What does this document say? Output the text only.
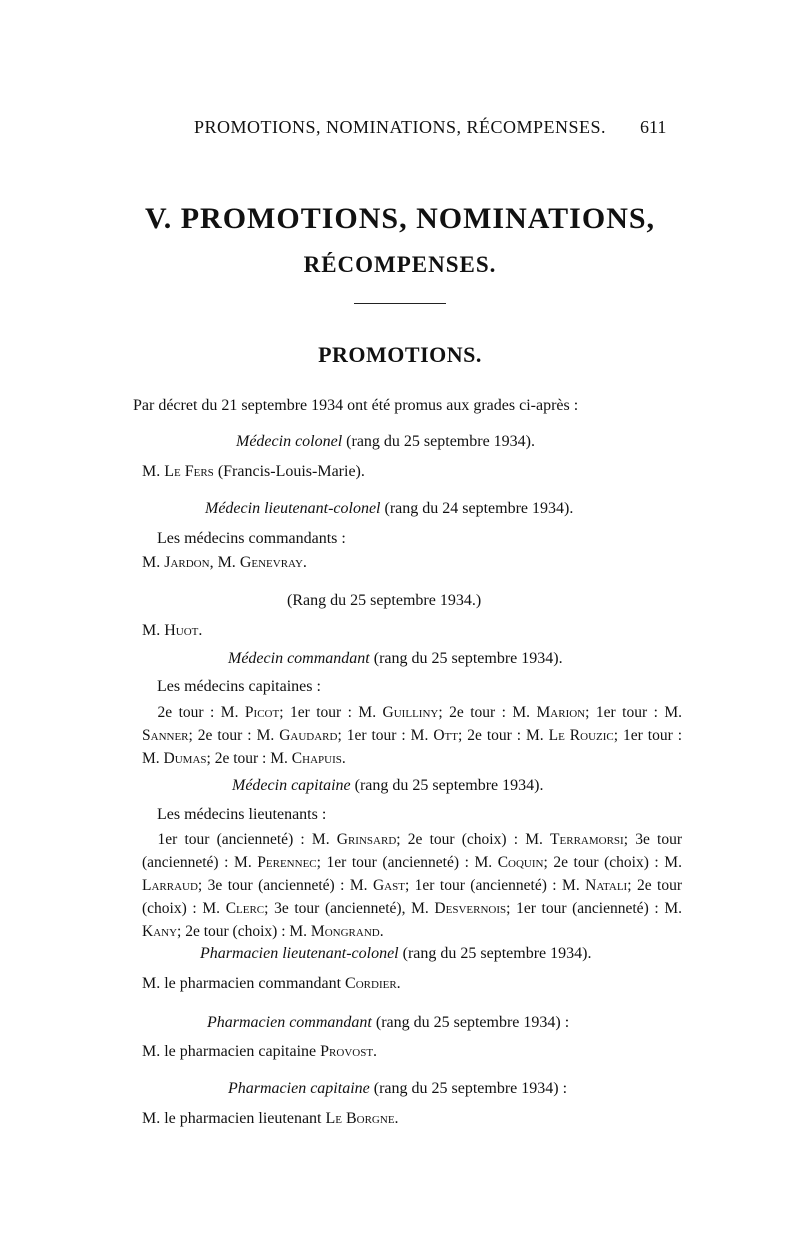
PROMOTIONS, NOMINATIONS, RÉCOMPENSES.	611
V. PROMOTIONS, NOMINATIONS,
RÉCOMPENSES.
PROMOTIONS.

Par décret du 21 septembre 1934 ont été promus aux grades ci-après :

Médecin colonel (rang du 25 septembre 1934).

M. Le Fers (Francis-Louis-Marie).

Médecin lieutenant-colonel (rang du 24 septembre 1934).

Les médecins commandants :

M. Jardon, M. Genevray.

(Rang du 25 septembre 1934.)

M. Huot.

Médecin commandant (rang du 25 septembre 1934).

Les médecins capitaines :

 2e tour : M. Picot; 1er tour : M. Guilliny; 2e tour : M. Marion; 1er tour : M. Sanner; 2e tour : M. Gaudard; 1er tour : M. Ott; 2e tour : M. Le Rouzic; 1er tour : M. Dumas; 2e tour : M. Chapuis.

Médecin capitaine (rang du 25 septembre 1934).

Les médecins lieutenants :

 1er tour (ancienneté) : M. Grinsard; 2e tour (choix) : M. Terramorsi; 3e tour (ancienneté) : M. Perennec; 1er tour (ancienneté) : M. Coquin; 2e tour (choix) : M. Larraud; 3e tour (ancienneté) : M. Gast; 1er tour (ancienneté) : M. Natali; 2e tour (choix) : M. Clerc; 3e tour (ancienneté), M. Desvernois; 1er tour (ancienneté) : M. Kany; 2e tour (choix) : M. Mongrand.

Pharmacien lieutenant-colonel (rang du 25 septembre 1934).

M. le pharmacien commandant Cordier.

Pharmacien commandant (rang du 25 septembre 1934) :

M. le pharmacien capitaine Provost.

Pharmacien capitaine (rang du 25 septembre 1934) :

M. le pharmacien lieutenant Le Borgne.
